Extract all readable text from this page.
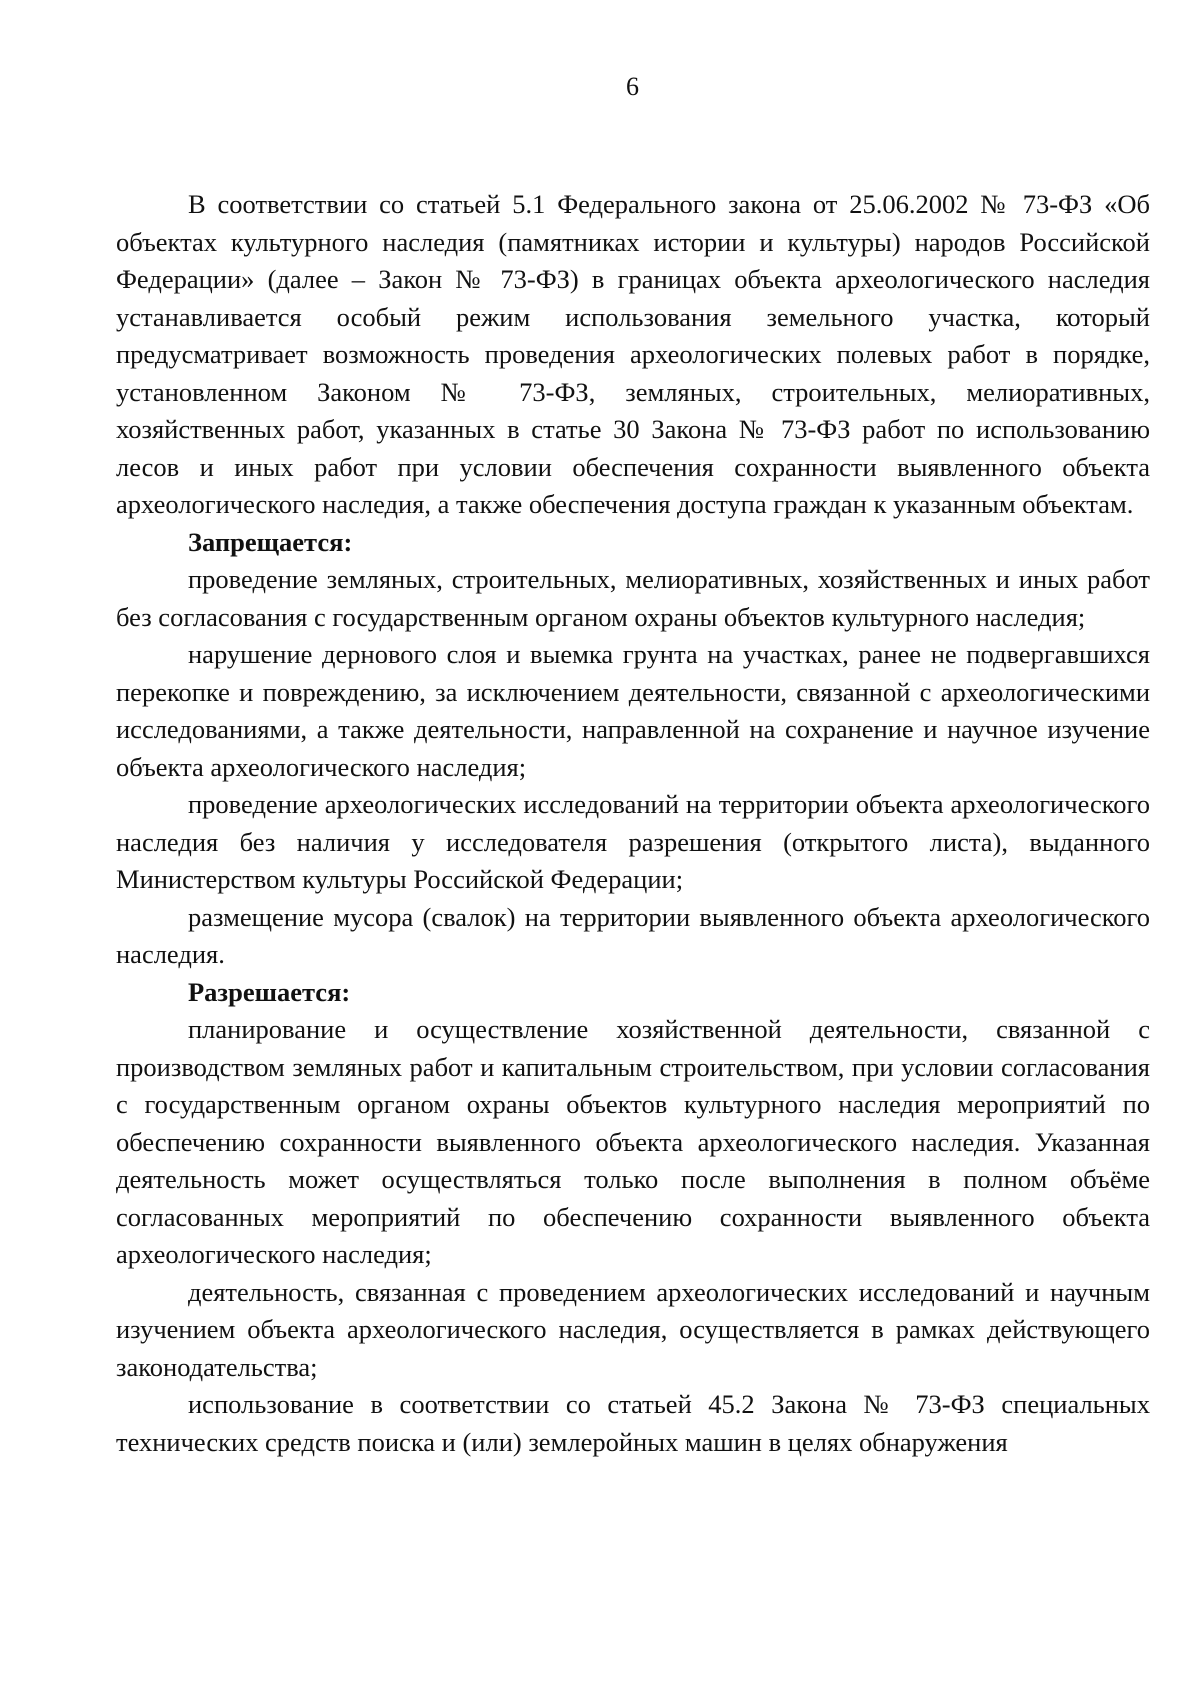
6

В соответствии со статьей 5.1 Федерального закона от 25.06.2002 № 73-ФЗ «Об объектах культурного наследия (памятниках истории и культуры) народов Российской Федерации» (далее – Закон № 73-ФЗ) в границах объекта археологического наследия устанавливается особый режим использования земельного участка, который предусматривает возможность проведения археологических полевых работ в порядке, установленном Законом № 73-ФЗ, земляных, строительных, мелиоративных, хозяйственных работ, указанных в статье 30 Закона № 73-ФЗ работ по использованию лесов и иных работ при условии обеспечения сохранности выявленного объекта археологического наследия, а также обеспечения доступа граждан к указанным объектам.

Запрещается:

проведение земляных, строительных, мелиоративных, хозяйственных и иных работ без согласования с государственным органом охраны объектов культурного наследия;

нарушение дернового слоя и выемка грунта на участках, ранее не подвергавшихся перекопке и повреждению, за исключением деятельности, связанной с археологическими исследованиями, а также деятельности, направленной на сохранение и научное изучение объекта археологического наследия;

проведение археологических исследований на территории объекта археологического наследия без наличия у исследователя разрешения (открытого листа), выданного Министерством культуры Российской Федерации;

размещение мусора (свалок) на территории выявленного объекта археологического наследия.

Разрешается:

планирование и осуществление хозяйственной деятельности, связанной с производством земляных работ и капитальным строительством, при условии согласования с государственным органом охраны объектов культурного наследия мероприятий по обеспечению сохранности выявленного объекта археологического наследия. Указанная деятельность может осуществляться только после выполнения в полном объёме согласованных мероприятий по обеспечению сохранности выявленного объекта археологического наследия;

деятельность, связанная с проведением археологических исследований и научным изучением объекта археологического наследия, осуществляется в рамках действующего законодательства;

использование в соответствии со статьей 45.2 Закона № 73-ФЗ специальных технических средств поиска и (или) землеройных машин в целях обнаружения
